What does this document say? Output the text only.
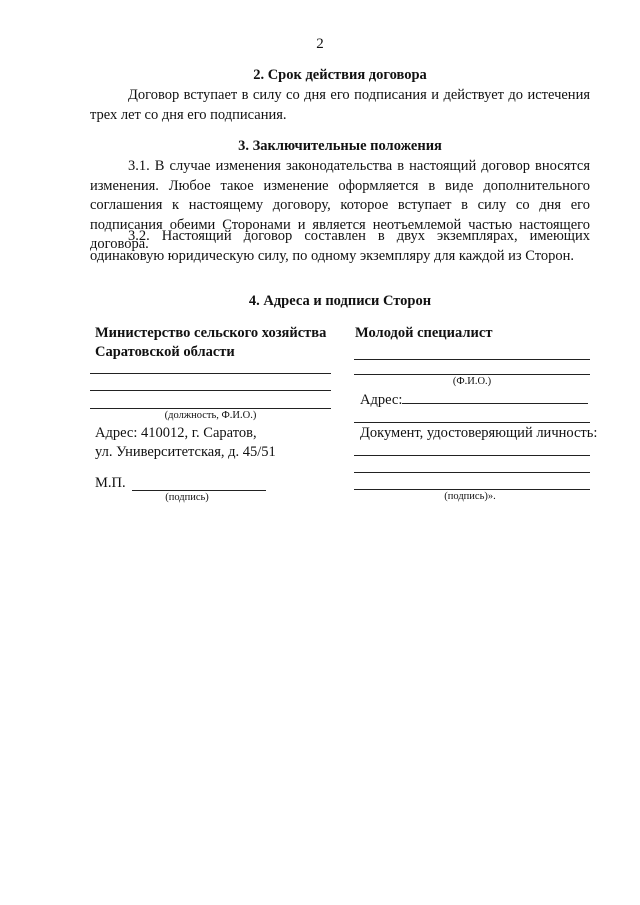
2
2. Срок действия договора
Договор вступает в силу со дня его подписания и действует до истечения трех лет со дня его подписания.
3. Заключительные положения
3.1. В случае изменения законодательства в настоящий договор вносятся изменения. Любое такое изменение оформляется в виде дополнительного соглашения к настоящему договору, которое вступает в силу со дня его подписания обеими Сторонами и является неотъемлемой частью настоящего договора.
3.2. Настоящий договор составлен в двух экземплярах, имеющих одинаковую юридическую силу, по одному экземпляру для каждой из Сторон.
4. Адреса и подписи Сторон
Министерство сельского хозяйства
Саратовской области
(должность, Ф.И.О.)
Адрес: 410012, г. Саратов,
ул. Университетская, д. 45/51
М.П.
(подпись)
Молодой специалист
(Ф.И.О.)
Адрес:
Документ, удостоверяющий личность:
(подпись)».
